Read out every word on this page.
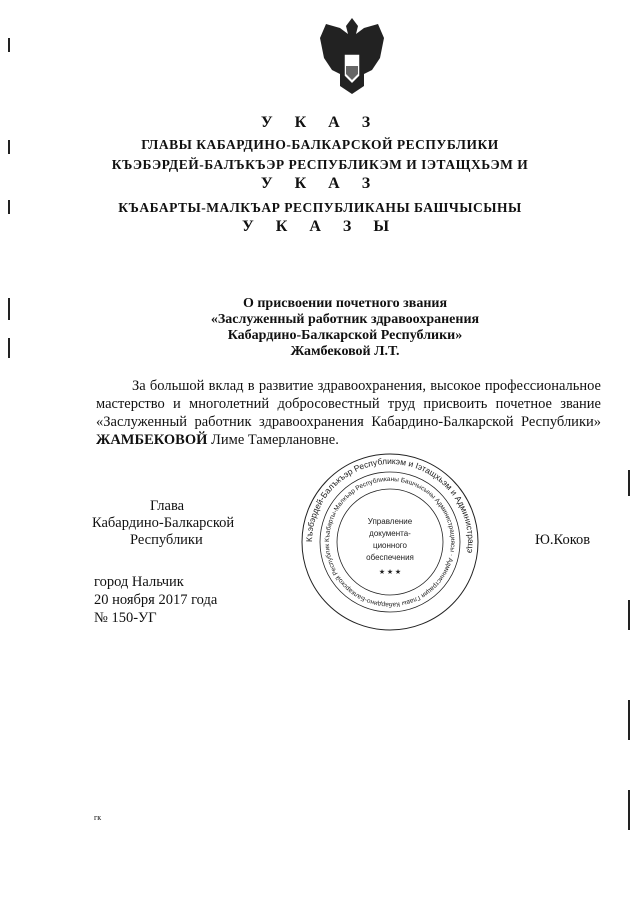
У К А З
ГЛАВЫ КАБАРДИНО-БАЛКАРСКОЙ РЕСПУБЛИКИ
КЪЭБЭРДЕЙ-БАЛЪКЪЭР РЕСПУБЛИКЭМ И IЭТАЩХЬЭМ И
У К А З
КЪАБАРТЫ-МАЛКЪАР РЕСПУБЛИКАНЫ БАШЧЫСЫНЫ
У К А З Ы
О присвоении почетного звания
«Заслуженный работник здравоохранения
Кабардино-Балкарской Республики»
Жамбековой Л.Т.

За большой вклад в развитие здравоохранения, высокое профессиональное мастерство и многолетний добросовестный труд присвоить почетное звание «Заслуженный работник здравоохранения Кабардино-Балкарской Республики» ЖАМБЕКОВОЙ Лиме Тамерлановне.

Къэбэрдей-Балъкъэр Республикэм и Iэтащхьэм и Администрацэ
Къабарты-Малкъар Республиканы Башчысыны Администрациясы · Администрация Главы Кабардино-Балкарской Республик
Управление
документа-
ционного
обеспечения
★ ★ ★
Глава
Кабардино-Балкарской
Республики	Ю.Коков
город Нальчик
20 ноября 2017 года
№ 150-УГ
гк
